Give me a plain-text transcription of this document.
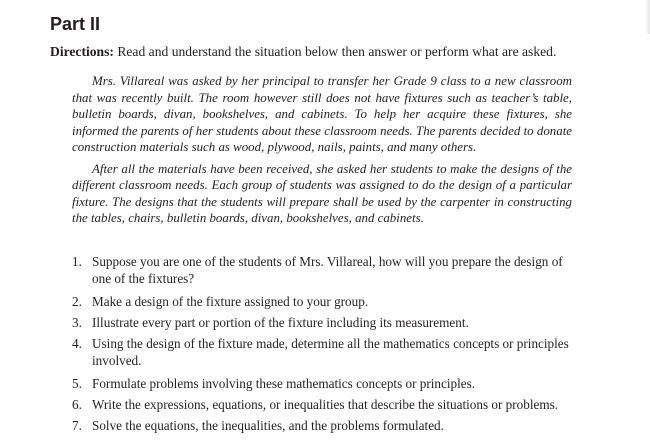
Part II

Directions: Read and understand the situation below then answer or perform what are asked.

Mrs. Villareal was asked by her principal to transfer her Grade 9 class to a new classroom that was recently built. The room however still does not have fixtures such as teacher’s table, bulletin boards, divan, bookshelves, and cabinets. To help her acquire these fixtures, she informed the parents of her students about these classroom needs. The parents decided to donate construction materials such as wood, plywood, nails, paints, and many others.

After all the materials have been received, she asked her students to make the designs of the different classroom needs. Each group of students was assigned to do the design of a particular fixture. The designs that the students will prepare shall be used by the carpenter in constructing the tables, chairs, bulletin boards, divan, bookshelves, and cabinets.

1. Suppose you are one of the students of Mrs. Villareal, how will you prepare the design of one of the fixtures?
2. Make a design of the fixture assigned to your group.
3. Illustrate every part or portion of the fixture including its measurement.
4. Using the design of the fixture made, determine all the mathematics concepts or principles involved.
5. Formulate problems involving these mathematics concepts or principles.
6. Write the expressions, equations, or inequalities that describe the situations or problems.
7. Solve the equations, the inequalities, and the problems formulated.
